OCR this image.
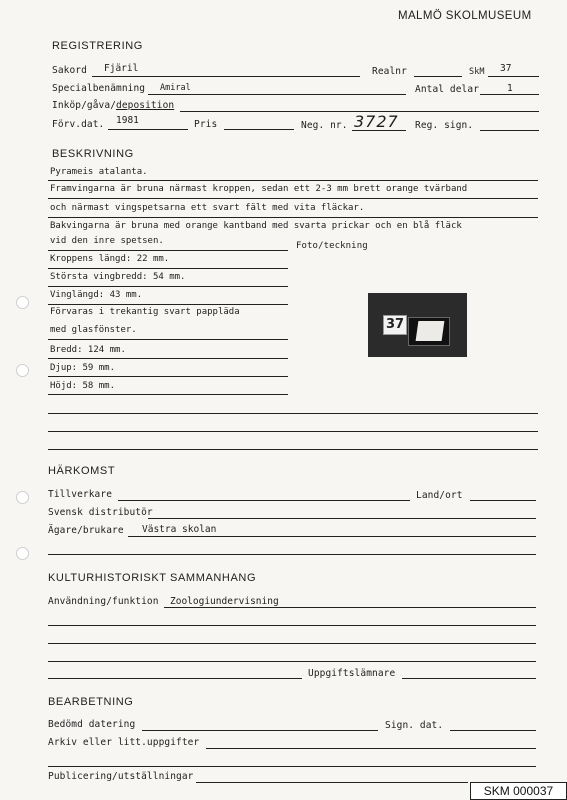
MALMÖ SKOLMUSEUM
REGISTRERING
Sakord Fjäril	Realnr	SkM 37
Specialbenämning Amiral	Antal delar	1
Inköp/gåva/deposition
Förv.dat. 1981	Pris	Neg. nr. 3727 Reg. sign.
BESKRIVNING
Pyrameis atalanta.
Framvingarna är bruna närmast kroppen, sedan ett 2-3 mm brett orange tvärband
och närmast vingspetsarna ett svart fält med vita fläckar.
Bakvingarna är bruna med orange kantband med svarta prickar och en blå fläck
vid den inre spetsen.	Foto/teckning
Kroppens längd: 22 mm.
Största vingbredd: 54 mm.
Vinglängd: 43 mm.
Förvaras i trekantig svart pappläda
med glasfönster.
Bredd: 124 mm.
Djup: 59 mm.
Höjd: 58 mm.
37
HÄRKOMST
Tillverkare	Land/ort
Svensk distributör
Ägare/brukare Västra skolan
KULTURHISTORISKT SAMMANHANG
Användning/funktion Zoologiundervisning
Uppgiftslämnare
BEARBETNING
Bedömd datering	Sign. dat.
Arkiv eller litt.uppgifter
Publicering/utställningar
SKM 000037
